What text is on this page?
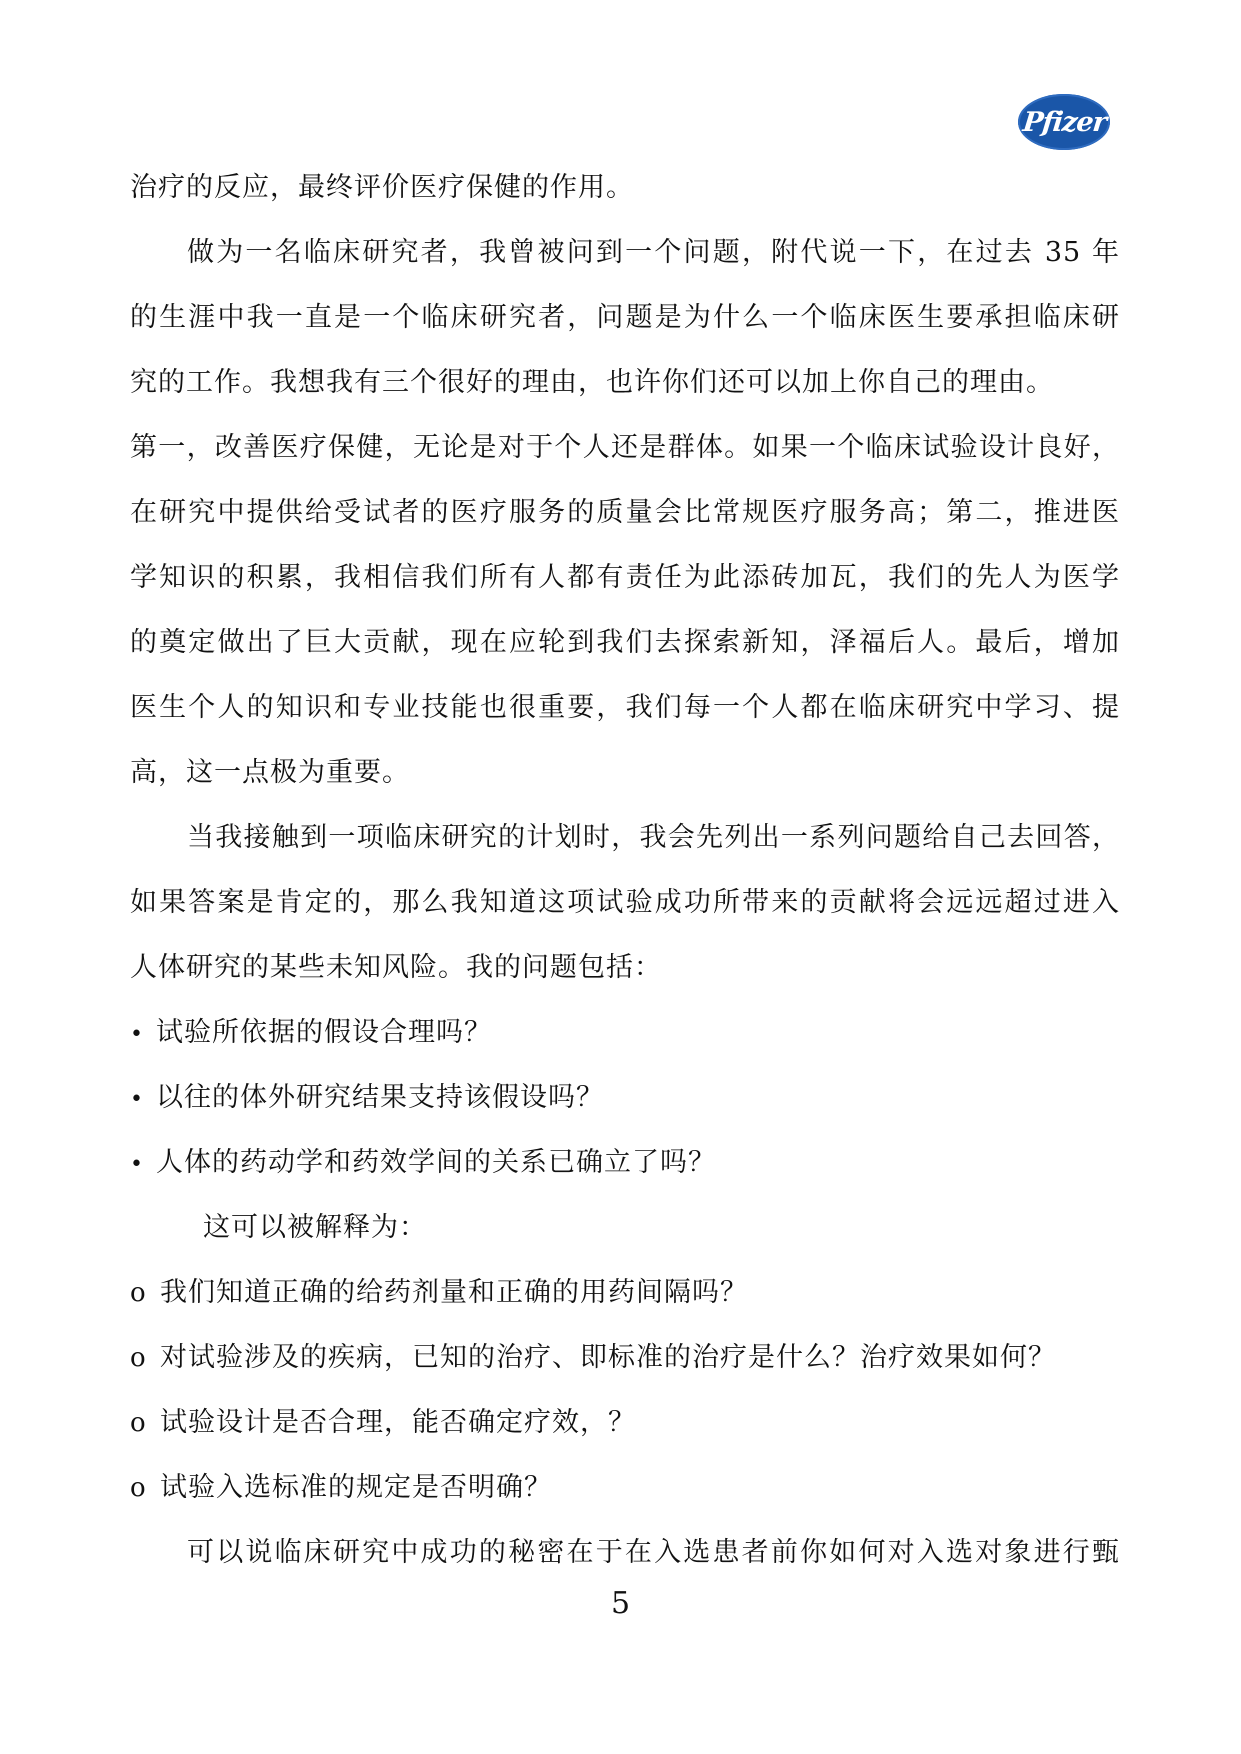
Pfizer
治疗的反应，最终评价医疗保健的作用。
做为一名临床研究者，我曾被问到一个问题，附代说一下，在过去 35 年
的生涯中我一直是一个临床研究者，问题是为什么一个临床医生要承担临床研
究的工作。我想我有三个很好的理由，也许你们还可以加上你自己的理由。
第一，改善医疗保健，无论是对于个人还是群体。如果一个临床试验设计良好，
在研究中提供给受试者的医疗服务的质量会比常规医疗服务高；第二，推进医
学知识的积累，我相信我们所有人都有责任为此添砖加瓦，我们的先人为医学
的奠定做出了巨大贡献，现在应轮到我们去探索新知，泽福后人。最后，增加
医生个人的知识和专业技能也很重要，我们每一个人都在临床研究中学习、提
高，这一点极为重要。
当我接触到一项临床研究的计划时，我会先列出一系列问题给自己去回答，
如果答案是肯定的，那么我知道这项试验成功所带来的贡献将会远远超过进入
人体研究的某些未知风险。我的问题包括：
• 试验所依据的假设合理吗？
• 以往的体外研究结果支持该假设吗？
• 人体的药动学和药效学间的关系已确立了吗？
这可以被解释为：
o 我们知道正确的给药剂量和正确的用药间隔吗？
o 对试验涉及的疾病，已知的治疗、即标准的治疗是什么？治疗效果如何？
o 试验设计是否合理，能否确定疗效，？
o 试验入选标准的规定是否明确？
可以说临床研究中成功的秘密在于在入选患者前你如何对入选对象进行甄
5
